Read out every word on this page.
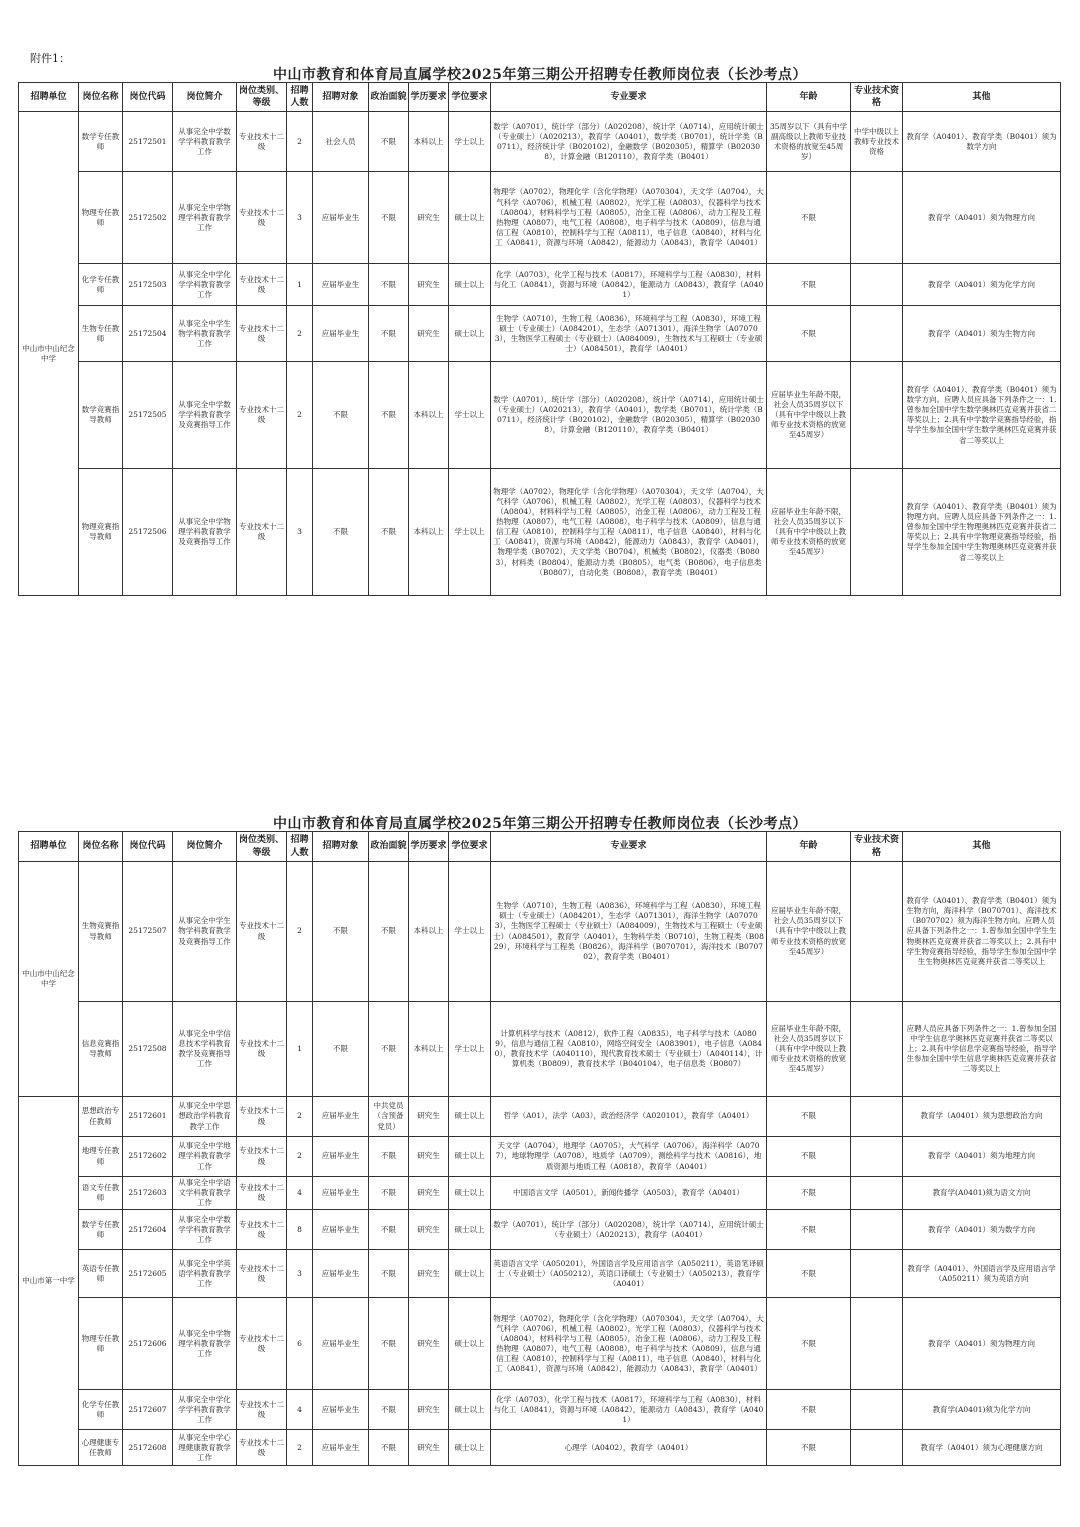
附件1：
中山市教育和体育局直属学校2025年第三期公开招聘专任教师岗位表（长沙考点）
招聘单位	岗位名称	岗位代码	岗位简介	岗位类别、等级	招聘人数	招聘对象	政治面貌	学历要求	学位要求	专业要求	年龄	专业技术资格	其他
中山市中山纪念中学	数学专任教师	25172501	从事完全中学数学学科教育教学工作	专业技术十二级	2	社会人员	不限	本科以上	学士以上	数学（A0701），统计学（部分）（A020208），统计学（A0714），应用统计硕士（专业硕士）（A020213），教育学（A0401），数学类（B0701），统计学类（B0711），经济统计学（B020102），金融数学（B020305），精算学（B020308），计算金融（B120110），教育学类（B0401）	35周岁以下（具有中学副高级以上教师专业技术资格的放宽至45周岁）	中学中级以上教师专业技术资格	教育学（A0401）、教育学类（B0401）须为数学方向
	物理专任教师	25172502	从事完全中学物理学科教育教学工作	专业技术十二级	3	应届毕业生	不限	研究生	硕士以上	物理学（A0702），物理化学（含化学物理）（A070304），天文学（A0704），大气科学（A0706），机械工程（A0802），光学工程（A0803），仪器科学与技术（A0804），材料科学与工程（A0805），冶金工程（A0806），动力工程及工程热物理（A0807），电气工程（A0808），电子科学与技术（A0809），信息与通信工程（A0810），控制科学与工程（A0811），电子信息（A0840），材料与化工（A0841），资源与环境（A0842），能源动力（A0843），教育学（A0401）	不限		教育学（A0401）须为物理方向
	化学专任教师	25172503	从事完全中学化学学科教育教学工作	专业技术十二级	1	应届毕业生	不限	研究生	硕士以上	化学（A0703），化学工程与技术（A0817），环境科学与工程（A0830），材料与化工（A0841），资源与环境（A0842），能源动力（A0843），教育学（A0401）	不限		教育学（A0401）须为化学方向
	生物专任教师	25172504	从事完全中学生物学科教育教学工作	专业技术十二级	2	应届毕业生	不限	研究生	硕士以上	生物学（A0710），生物工程（A0836），环境科学与工程（A0830），环境工程硕士（专业硕士）（A084201），生态学（A071301），海洋生物学（A070703），生物医学工程硕士（专业硕士）（A084009），生物技术与工程硕士（专业硕士）（A084501），教育学（A0401）	不限		教育学（A0401）须为生物方向
	数学竞赛指导教师	25172505	从事完全中学数学学科教育教学及竞赛指导工作	专业技术十二级	2	不限	不限	本科以上	学士以上	数学（A0701），统计学（部分）（A020208），统计学（A0714），应用统计硕士（专业硕士）（A020213），教育学（A0401），数学类（B0701），统计学类（B0711），经济统计学（B020102），金融数学（B020305），精算学（B020308），计算金融（B120110），教育学类（B0401）	应届毕业生年龄不限，社会人员35周岁以下（具有中学中级以上教师专业技术资格的放宽至45周岁）		教育学（A0401）、教育学类（B0401）须为数学方向。应聘人员应具备下列条件之一：1.曾参加全国中学生数学奥林匹克竞赛并获省二等奖以上；2.具有中学数学竞赛指导经验，指导学生参加全国中学生数学奥林匹克竞赛并获省二等奖以上
	物理竞赛指导教师	25172506	从事完全中学物理学科教育教学及竞赛指导工作	专业技术十二级	3	不限	不限	本科以上	学士以上	物理学（A0702），物理化学（含化学物理）（A070304），天文学（A0704），大气科学（A0706），机械工程（A0802），光学工程（A0803），仪器科学与技术（A0804），材料科学与工程（A0805），冶金工程（A0806），动力工程及工程热物理（A0807），电气工程（A0808），电子科学与技术（A0809），信息与通信工程（A0810），控制科学与工程（A0811），电子信息（A0840），材料与化工（A0841），资源与环境（A0842），能源动力（A0843），教育学（A0401），物理学类（B0702），天文学类（B0704），机械类（B0802），仪器类（B0803），材料类（B0804），能源动力类（B0805），电气类（B0806），电子信息类（B0807），自动化类（B0808），教育学类（B0401）	应届毕业生年龄不限，社会人员35周岁以下（具有中学中级以上教师专业技术资格的放宽至45周岁）		教育学（A0401）、教育学类（B0401）须为物理方向。应聘人员应具备下列条件之一：1.曾参加全国中学生物理奥林匹克竞赛并获省二等奖以上；2.具有中学物理竞赛指导经验，指导学生参加全国中学生物理奥林匹克竞赛并获省二等奖以上
中山市教育和体育局直属学校2025年第三期公开招聘专任教师岗位表（长沙考点）
招聘单位	岗位名称	岗位代码	岗位简介	岗位类别、等级	招聘人数	招聘对象	政治面貌	学历要求	学位要求	专业要求	年龄	专业技术资格	其他
中山市中山纪念中学	生物竞赛指导教师	25172507	从事完全中学生物学科教育教学及竞赛指导工作	专业技术十二级	2	不限	不限	本科以上	学士以上	生物学（A0710），生物工程（A0836），环境科学与工程（A0830），环境工程硕士（专业硕士）（A084201），生态学（A071301），海洋生物学（A070703），生物医学工程硕士（专业硕士）（A084009），生物技术与工程硕士（专业硕士）（A084501），教育学（A0401），生物科学类（B0710），生物工程类（B0829），环境科学与工程类（B0826），海洋科学（B070701），海洋技术（B070702），教育学类（B0401）	应届毕业生年龄不限，社会人员35周岁以下（具有中学中级以上教师专业技术资格的放宽至45周岁）		教育学（A0401）、教育学类（B0401）须为生物方向，海洋科学（B070701）、海洋技术（B070702）须为海洋生物方向。应聘人员应具备下列条件之一：1.曾参加全国中学生生物奥林匹克竞赛并获省二等奖以上；2.具有中学生物竞赛指导经验，指导学生参加全国中学生生物奥林匹克竞赛并获省二等奖以上
	信息竞赛指导教师	25172508	从事完全中学信息技术学科教育教学及竞赛指导工作	专业技术十二级	1	不限	不限	本科以上	学士以上	计算机科学与技术（A0812），软件工程（A0835），电子科学与技术（A0809），信息与通信工程（A0810），网络空间安全（A083901），电子信息（A0840），教育技术学（A040110），现代教育技术硕士（专业硕士）（A040114），计算机类（B0809），教育技术学（B040104），电子信息类（B0807）	应届毕业生年龄不限，社会人员35周岁以下（具有中学中级以上教师专业技术资格的放宽至45周岁）		应聘人员应具备下列条件之一：1.曾参加全国中学生信息学奥林匹克竞赛并获省二等奖以上；2.具有中学信息学竞赛指导经验，指导学生参加全国中学生信息学奥林匹克竞赛并获省二等奖以上
中山市第一中学	思想政治专任教师	25172601	从事完全中学思想政治学科教育教学工作	专业技术十二级	2	应届毕业生	中共党员（含预备党员）	研究生	硕士以上	哲学（A01），法学（A03），政治经济学（A020101），教育学（A0401）	不限		教育学（A0401）须为思想政治方向
	地理专任教师	25172602	从事完全中学地理学科教育教学工作	专业技术十二级	2	应届毕业生	不限	研究生	硕士以上	天文学（A0704），地理学（A0705），大气科学（A0706），海洋科学（A0707），地球物理学（A0708），地质学（A0709），测绘科学与技术（A0816），地质资源与地质工程（A0818），教育学（A0401）	不限		教育学（A0401）须为地理方向
	语文专任教师	25172603	从事完全中学语文学科教育教学工作	专业技术十二级	4	应届毕业生	不限	研究生	硕士以上	中国语言文学（A0501），新闻传播学（A0503），教育学（A0401）	不限		教育学(A0401)须为语文方向
	数学专任教师	25172604	从事完全中学数学学科教育教学工作	专业技术十二级	8	应届毕业生	不限	研究生	硕士以上	数学（A0701），统计学（部分）（A020208），统计学（A0714），应用统计硕士（专业硕士）（A020213），教育学（A0401）	不限		教育学（A0401）须为数学方向
	英语专任教师	25172605	从事完全中学英语学科教育教学工作	专业技术十二级	3	应届毕业生	不限	研究生	硕士以上	英语语言文学（A050201），外国语言学及应用语言学（A050211），英语笔译硕士（专业硕士）（A050212），英语口译硕士（专业硕士）（A050213），教育学（A0401）	不限		教育学（A0401）、外国语言学及应用语言学（A050211）须为英语方向
	物理专任教师	25172606	从事完全中学物理学科教育教学工作	专业技术十二级	6	应届毕业生	不限	研究生	硕士以上	物理学（A0702），物理化学（含化学物理）（A070304），天文学（A0704），大气科学（A0706），机械工程（A0802），光学工程（A0803），仪器科学与技术（A0804），材料科学与工程（A0805），冶金工程（A0806），动力工程及工程热物理（A0807），电气工程（A0808），电子科学与技术（A0809），信息与通信工程（A0810），控制科学与工程（A0811），电子信息（A0840），材料与化工（A0841），资源与环境（A0842），能源动力（A0843），教育学（A0401）	不限		教育学（A0401）须为物理方向
	化学专任教师	25172607	从事完全中学化学学科教育教学工作	专业技术十二级	4	应届毕业生	不限	研究生	硕士以上	化学（A0703），化学工程与技术（A0817），环境科学与工程（A0830），材料与化工（A0841），资源与环境（A0842），能源动力（A0843），教育学（A0401）	不限		教育学(A0401)须为化学方向
	心理健康专任教师	25172608	从事完全中学心理健康教育教学工作	专业技术十二级	2	应届毕业生	不限	研究生	硕士以上	心理学（A0402），教育学（A0401）	不限		教育学（A0401）须为心理健康方向
